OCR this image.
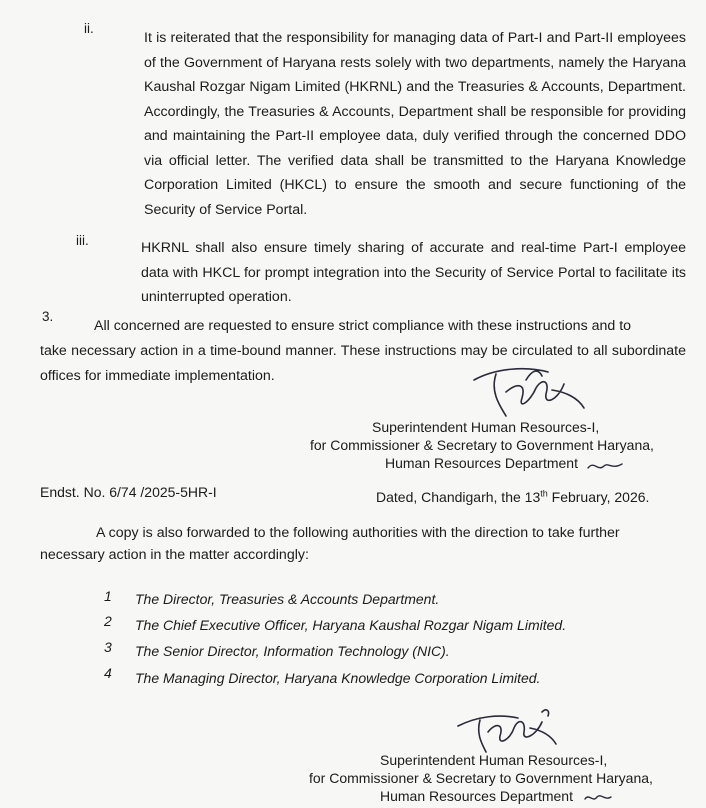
ii.
It is reiterated that the responsibility for managing data of Part-I and Part-II employees of the Government of Haryana rests solely with two departments, namely the Haryana Kaushal Rozgar Nigam Limited (HKRNL) and the Treasuries & Accounts, Department. Accordingly, the Treasuries & Accounts, Department shall be responsible for providing and maintaining the Part-II employee data, duly verified through the concerned DDO via official letter. The verified data shall be transmitted to the Haryana Knowledge Corporation Limited (HKCL) to ensure the smooth and secure functioning of the Security of Service Portal.
iii.	HKRNL shall also ensure timely sharing of accurate and real-time Part-I employee data with HKCL for prompt integration into the Security of Service Portal to facilitate its uninterrupted operation.
3.
All concerned are requested to ensure strict compliance with these instructions and to
take necessary action in a time-bound manner. These instructions may be circulated to all subordinate offices for immediate implementation.
Superintendent Human Resources-I,
for Commissioner & Secretary to Government Haryana,
Human Resources Department
Endst. No. 6/74 /2025-5HR-I	Dated, Chandigarh, the 13th February, 2026.
A copy is also forwarded to the following authorities with the direction to take further
necessary action in the matter accordingly:
1 The Director, Treasuries & Accounts Department.
2 The Chief Executive Officer, Haryana Kaushal Rozgar Nigam Limited.
3 The Senior Director, Information Technology (NIC).
4 The Managing Director, Haryana Knowledge Corporation Limited.
Superintendent Human Resources-I,
for Commissioner & Secretary to Government Haryana,
Human Resources Department
